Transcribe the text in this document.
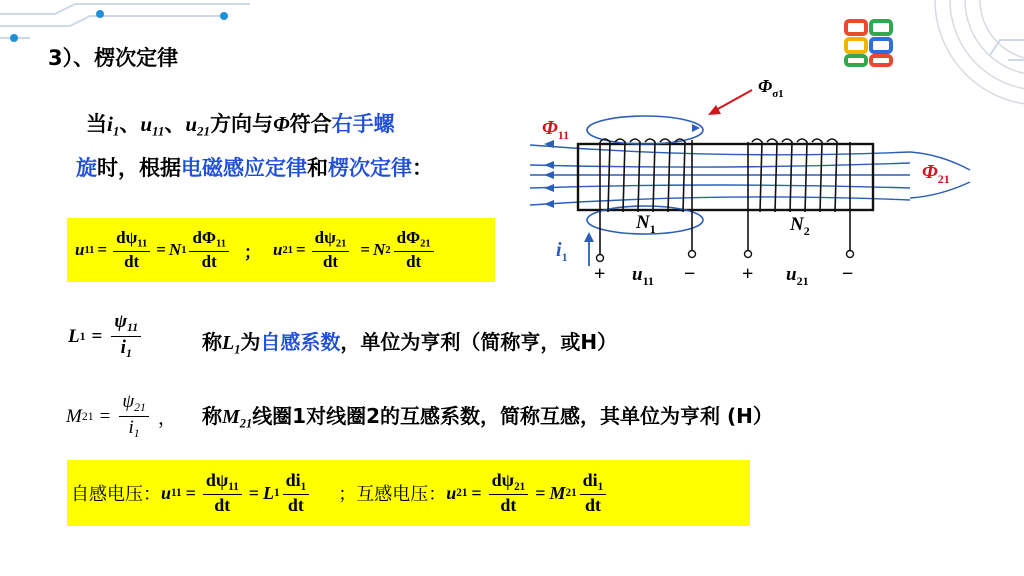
3）、楞次定律
当$i_1$、$u_{11}$、$u_{21}$方向与Φ符合右手螺
旋时，根据电磁感应定律和楞次定律：
u $11 = \frac{d\psi_{11}}{dt} = N$ $1 \frac{d\Phi_{11}}{dt}$ ； u $21 = \frac{d\psi_{21}}{dt} = N$ $2 \frac{d\Phi_{21}}{dt}$
L $1 = \frac{\psi_{11}}{i_1}$	称$L_1$为自感系数，单位为亨利（简称亨，或H）
M $21 = \frac{\psi_{21}}{i_1}$ ， 称$M_{21}$线圈1对线圈2的互感系数，简称互感，其单位为亨利 (H）
自感电压： u $11 = \frac{d\psi_{11}}{dt} = L$ $1 \frac{di_1}{dt}$ ；互感电压： u $21 = \frac{d\psi_{21}}{dt} = M$ $21 \frac{di_1}{dt}$
$\Phi_{\sigma 1}$
$\Phi_{11}$
$\Phi_{21}$
$N_1$	$N_2$
$i_1$
+ $u_{11}$ − + $u_{21}$ −
